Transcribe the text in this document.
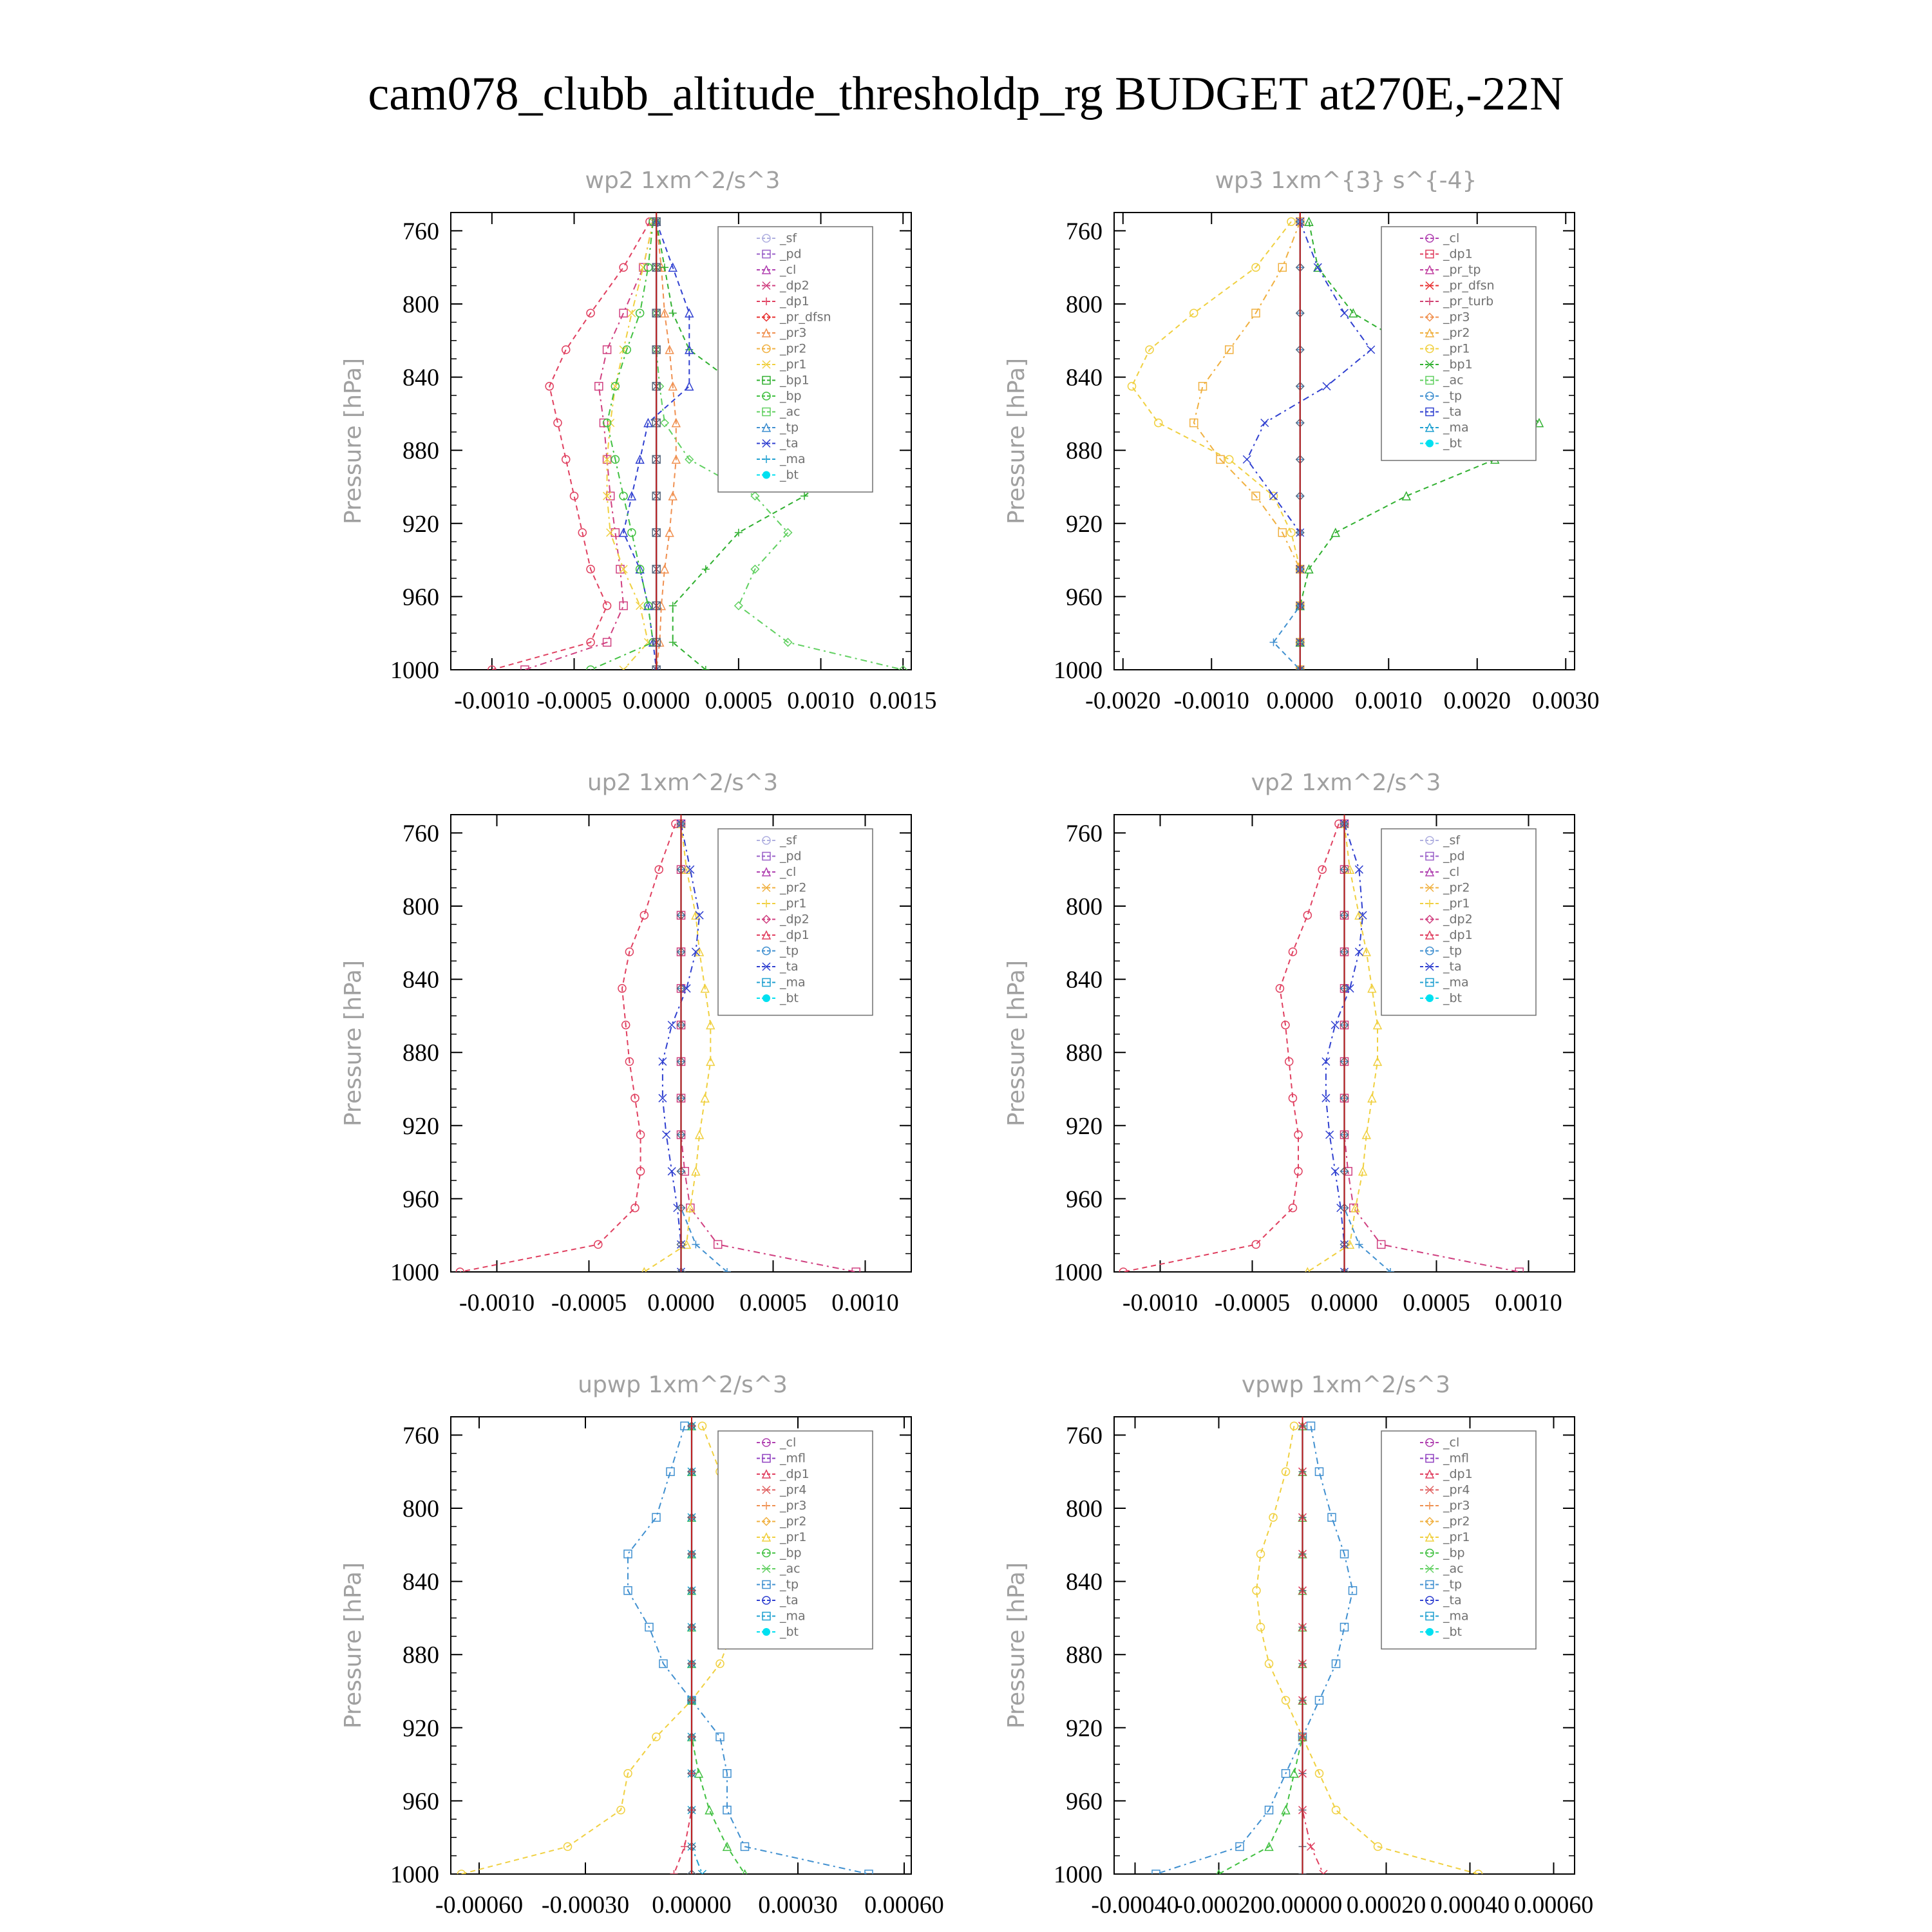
cam078_clubb_altitude_thresholdp_rg BUDGET at270E,-22N
wp2 1xm^2/s^3
760
800
840
880
920
960
1000
-0.0010 -0.0005 0.0000 0.0005 0.0010 0.0015
Pressure [hPa]
_sf
_pd
_cl
_dp2
_dp1
_pr_dfsn
_pr3
_pr2
_pr1
_bp1
_bp
_ac
_tp
_ta
_ma
_bt
wp3 1xm^{3} s^{-4}
760
800
840
880
920
960
1000
-0.0020 -0.0010 0.0000 0.0010 0.0020 0.0030
Pressure [hPa]
_cl
_dp1
_pr_tp
_pr_dfsn
_pr_turb
_pr3
_pr2
_pr1
_bp1
_ac
_tp
_ta
_ma
_bt
up2 1xm^2/s^3
760
800
840
880
920
960
1000
-0.0010 -0.0005 0.0000 0.0005 0.0010
Pressure [hPa]
_sf
_pd
_cl
_pr2
_pr1
_dp2
_dp1
_tp
_ta
_ma
_bt
vp2 1xm^2/s^3
760
800
840
880
920
960
1000
-0.0010 -0.0005 0.0000 0.0005 0.0010
Pressure [hPa]
_sf
_pd
_cl
_pr2
_pr1
_dp2
_dp1
_tp
_ta
_ma
_bt
upwp 1xm^2/s^3
760
800
840
880
920
960
1000
-0.00060 -0.00030 0.00000 0.00030 0.00060
Pressure [hPa]
_cl
_mfl
_dp1
_pr4
_pr3
_pr2
_pr1
_bp
_ac
_tp
_ta
_ma
_bt
vpwp 1xm^2/s^3
760
800
840
880
920
960
1000
-0.00040
-0.00020 0.00000 0.00020 0.00040 0.00060
Pressure [hPa]
_cl
_mfl
_dp1
_pr4
_pr3
_pr2
_pr1
_bp
_ac
_tp
_ta
_ma
_bt
